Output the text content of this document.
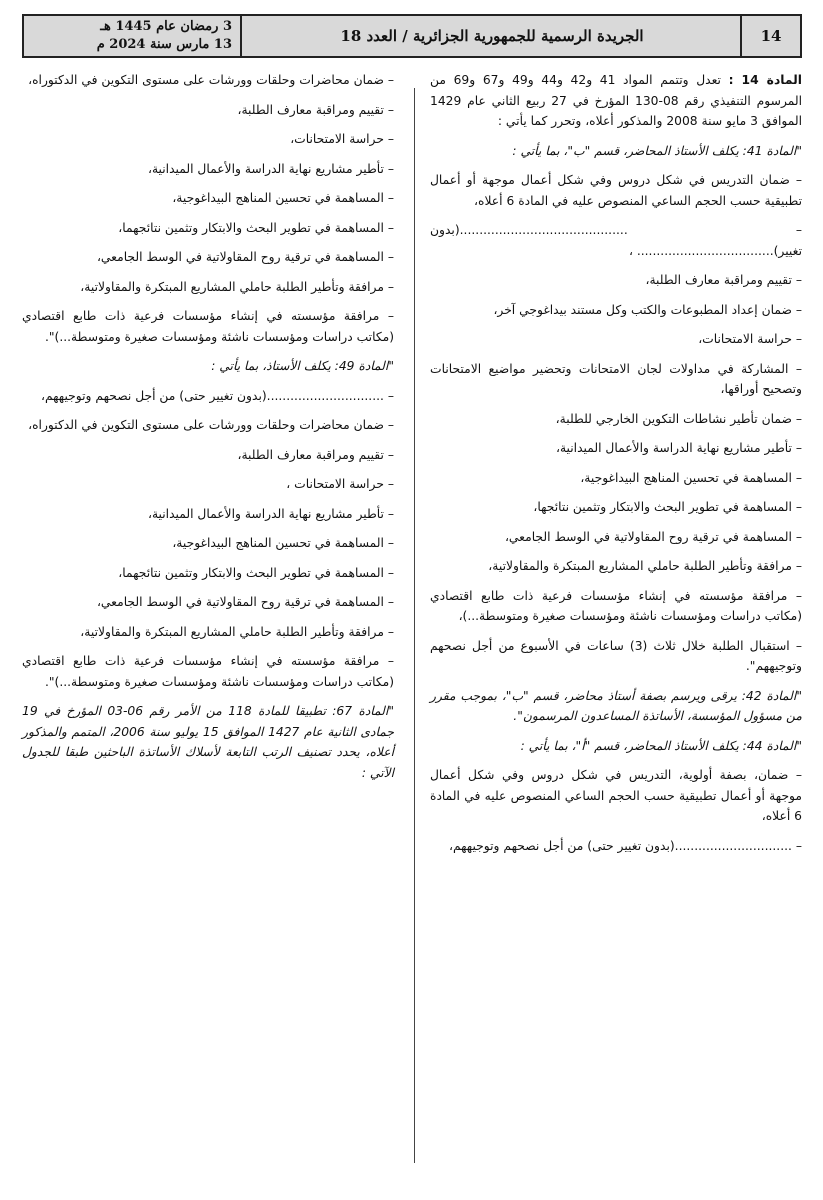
14
الجريدة الرسمية للجمهورية الجزائرية / العدد 18
3 رمضان عام 1445 هـ
13 مارس سنة 2024 م

المادة 14 : تعدل وتتمم المواد 41 و42 و44 و49 و67 و69 من المرسوم التنفيذي رقم 08-130 المؤرخ في 27 ربيع الثاني عام 1429 الموافق 3 مايو سنة 2008 والمذكور أعلاه، وتحرر كما يأتي :

"المادة 41: يكلف الأستاذ المحاضر، قسم "ب"، بما يأتي :

– ضمان التدريس في شكل دروس وفي شكل أعمال موجهة أو أعمال تطبيقية حسب الحجم الساعي المنصوص عليه في المادة 6 أعلاه،

– ...........................................(بدون تغيير)................................... ،

– تقييم ومراقبة معارف الطلبة،

– ضمان إعداد المطبوعات والكتب وكل مستند بيداغوجي آخر،

– حراسة الامتحانات،

– المشاركة في مداولات لجان الامتحانات وتحضير مواضيع الامتحانات وتصحيح أوراقها،

– ضمان تأطير نشاطات التكوين الخارجي للطلبة،

– تأطير مشاريع نهاية الدراسة والأعمال الميدانية،

– المساهمة في تحسين المناهج البيداغوجية،

– المساهمة في تطوير البحث والابتكار وتثمين نتائجها،

– المساهمة في ترقية روح المقاولاتية في الوسط الجامعي،

– مرافقة وتأطير الطلبة حاملي المشاريع المبتكرة والمقاولاتية،

– مرافقة مؤسسته في إنشاء مؤسسات فرعية ذات طابع اقتصادي (مكاتب دراسات ومؤسسات ناشئة ومؤسسات صغيرة ومتوسطة...)،

– استقبال الطلبة خلال ثلاث (3) ساعات في الأسبوع من أجل نصحهم وتوجيههم".

"المادة 42: يرقى ويرسم بصفة أستاذ محاضر، قسم "ب"، بموجب مقرر من مسؤول المؤسسة، الأساتذة المساعدون المرسمون".

"المادة 44: يكلف الأستاذ المحاضر، قسم "أ"، بما يأتي :

– ضمان، بصفة أولوية، التدريس في شكل دروس وفي شكل أعمال موجهة أو أعمال تطبيقية حسب الحجم الساعي المنصوص عليه في المادة 6 أعلاه،

– ..............................(بدون تغيير حتى) من أجل نصحهم وتوجيههم،

– ضمان محاضرات وحلقات وورشات على مستوى التكوين في الدكتوراه،

– تقييم ومراقبة معارف الطلبة،

– حراسة الامتحانات،

– تأطير مشاريع نهاية الدراسة والأعمال الميدانية،

– المساهمة في تحسين المناهج البيداغوجية،

– المساهمة في تطوير البحث والابتكار وتثمين نتائجهما،

– المساهمة في ترقية روح المقاولاتية في الوسط الجامعي،

– مرافقة وتأطير الطلبة حاملي المشاريع المبتكرة والمقاولاتية،

– مرافقة مؤسسته في إنشاء مؤسسات فرعية ذات طابع اقتصادي (مكاتب دراسات ومؤسسات ناشئة ومؤسسات صغيرة ومتوسطة...)".

"المادة 49: يكلف الأستاذ، بما يأتي :

– ..............................(بدون تغيير حتى) من أجل نصحهم وتوجيههم،

– ضمان محاضرات وحلقات وورشات على مستوى التكوين في الدكتوراه،

– تقييم ومراقبة معارف الطلبة،

– حراسة الامتحانات ،

– تأطير مشاريع نهاية الدراسة والأعمال الميدانية،

– المساهمة في تحسين المناهج البيداغوجية،

– المساهمة في تطوير البحث والابتكار وتثمين نتائجهما،

– المساهمة في ترقية روح المقاولاتية في الوسط الجامعي،

– مرافقة وتأطير الطلبة حاملي المشاريع المبتكرة والمقاولاتية،

– مرافقة مؤسسته في إنشاء مؤسسات فرعية ذات طابع اقتصادي (مكاتب دراسات ومؤسسات ناشئة ومؤسسات صغيرة ومتوسطة...)".

"المادة 67: تطبيقا للمادة 118 من الأمر رقم 06-03 المؤرخ في 19 جمادى الثانية عام 1427 الموافق 15 يوليو سنة 2006، المتمم والمذكور أعلاه، يحدد تصنيف الرتب التابعة لأسلاك الأساتذة الباحثين طبقا للجدول الآتي :
